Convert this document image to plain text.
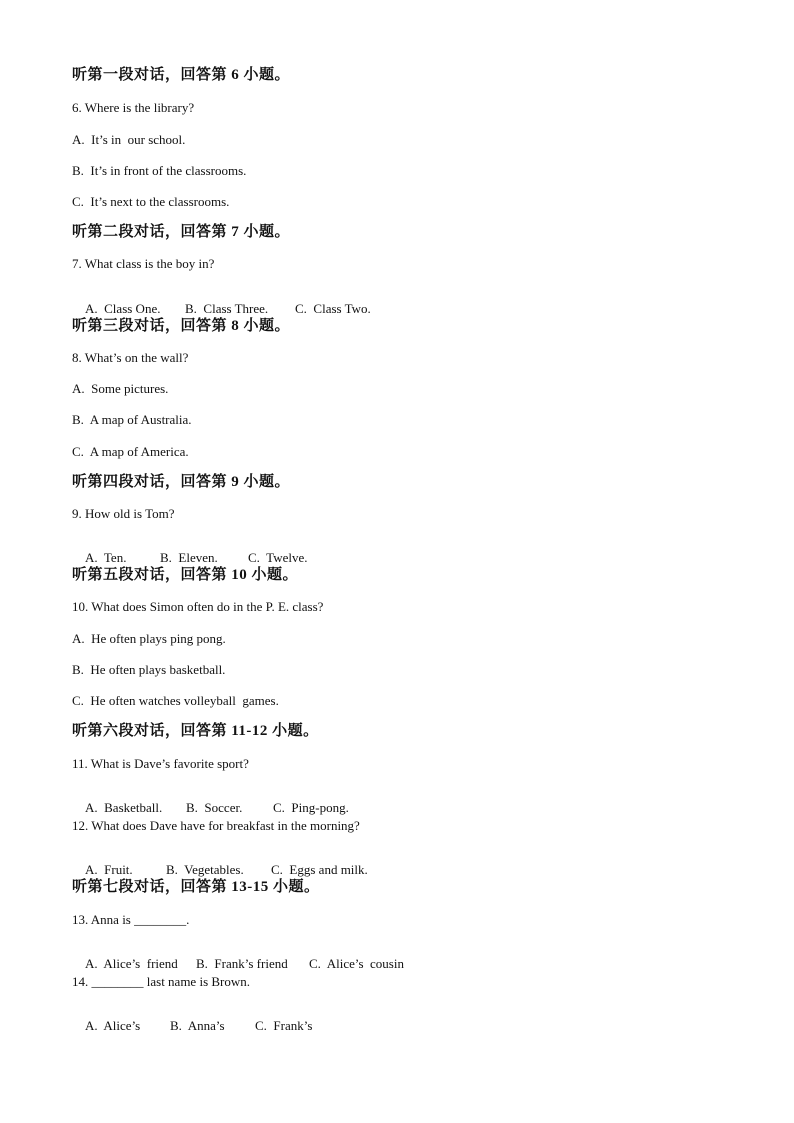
听第一段对话，回答第 6 小题。
6. Where is the library?
A.  It’s in  our school.
B.  It’s in front of the classrooms.
C.  It’s next to the classrooms.
听第二段对话，回答第 7 小题。
7. What class is the boy in?

A.  Class One. B.  Class Three. C.  Class Two.

听第三段对话，回答第 8 小题。
8. What’s on the wall?
A.  Some pictures.
B.  A map of Australia.
C.  A map of America.
听第四段对话，回答第 9 小题。
9. How old is Tom?

A.  Ten.	B.  Eleven. C.  Twelve.

听第五段对话，回答第 10 小题。
10. What does Simon often do in the P. E. class?
A.  He often plays ping pong.
B.  He often plays basketball.
C.  He often watches volleyball  games.
听第六段对话，回答第 11-12 小题。
11. What is Dave’s favorite sport?

A.  Basketball. B.  Soccer. C.  Ping-pong.

12. What does Dave have for breakfast in the morning?

A.  Fruit.	B.  Vegetables. C.  Eggs and milk.

听第七段对话，回答第 13-15 小题。
13. Anna is ________.

A.  Alice’s  friend B.  Frank’s friend C.  Alice’s  cousin

14. ________ last name is Brown.

A.  Alice’s B.  Anna’s C.  Frank’s
